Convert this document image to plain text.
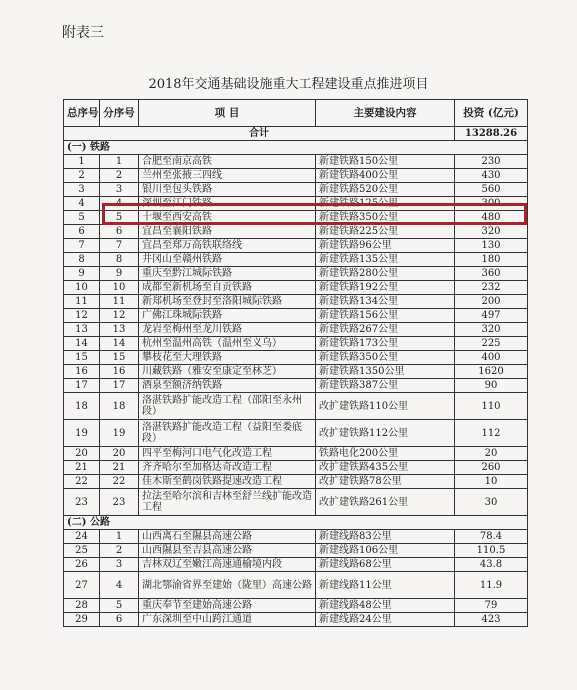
附表三
2018年交通基础设施重大工程建设重点推进项目
总序号	分序号	项 目	主要建设内容	投资 (亿元)
合计				13288.26
(一) 铁路				
1	1	合肥至南京高铁	新建铁路150公里	230
2	2	兰州至张掖三四线	新建铁路400公里	430
3	3	银川至包头铁路	新建铁路520公里	560
4	4	深圳至江门铁路	新建铁路125公里	300
5	5	十堰至西安高铁	新建铁路350公里	480
6	6	宜昌至襄阳铁路	新建铁路225公里	320
7	7	宜昌至郑万高铁联络线	新建铁路96公里	130
8	8	井冈山至赣州铁路	新建铁路135公里	180
9	9	重庆至黔江城际铁路	新建铁路280公里	360
10	10	成都至新机场至自贡铁路	新建铁路192公里	232
11	11	新郑机场至登封至洛阳城际铁路	新建铁路134公里	200
12	12	广佛江珠城际铁路	新建铁路156公里	497
13	13	龙岩至梅州至龙川铁路	新建铁路267公里	320
14	14	杭州至温州高铁（温州至义乌）	新建铁路173公里	225
15	15	攀枝花至大理铁路	新建铁路350公里	400
16	16	川藏铁路（雅安至康定至林芝）	新建铁路1350公里	1620
17	17	酒泉至额济纳铁路	新建铁路387公里	90
18	18	洛湛铁路扩能改造工程（邵阳至永州段）	改扩建铁路110公里	110
19	19	洛湛铁路扩能改造工程（益阳至娄底段）	改扩建铁路112公里	112
20	20	四平至梅河口电气化改造工程	铁路电化200公里	20
21	21	齐齐哈尔至加格达奇改造工程	改扩建铁路435公里	260
22	22	佳木斯至鹤岗铁路提速改造工程	改扩建铁路78公里	10
23	23	拉法至哈尔滨和吉林至舒兰线扩能改造工程	改扩建铁路261公里	30
(二) 公路				
24	1	山西离石至隰县高速公路	新建线路83公里	78.4
25	2	山西隰县至吉县高速公路	新建线路106公里	110.5
26	3	吉林双辽至嫩江高速通榆境内段	新建线路68公里	43.8
27	4	湖北鄂渝省界至建始（陇里）高速公路	新建线路11公里	11.9
28	5	重庆奉节至建始高速公路	新建线路48公里	79
29	6	广东深圳至中山跨江通道	新建线路24公里	423
